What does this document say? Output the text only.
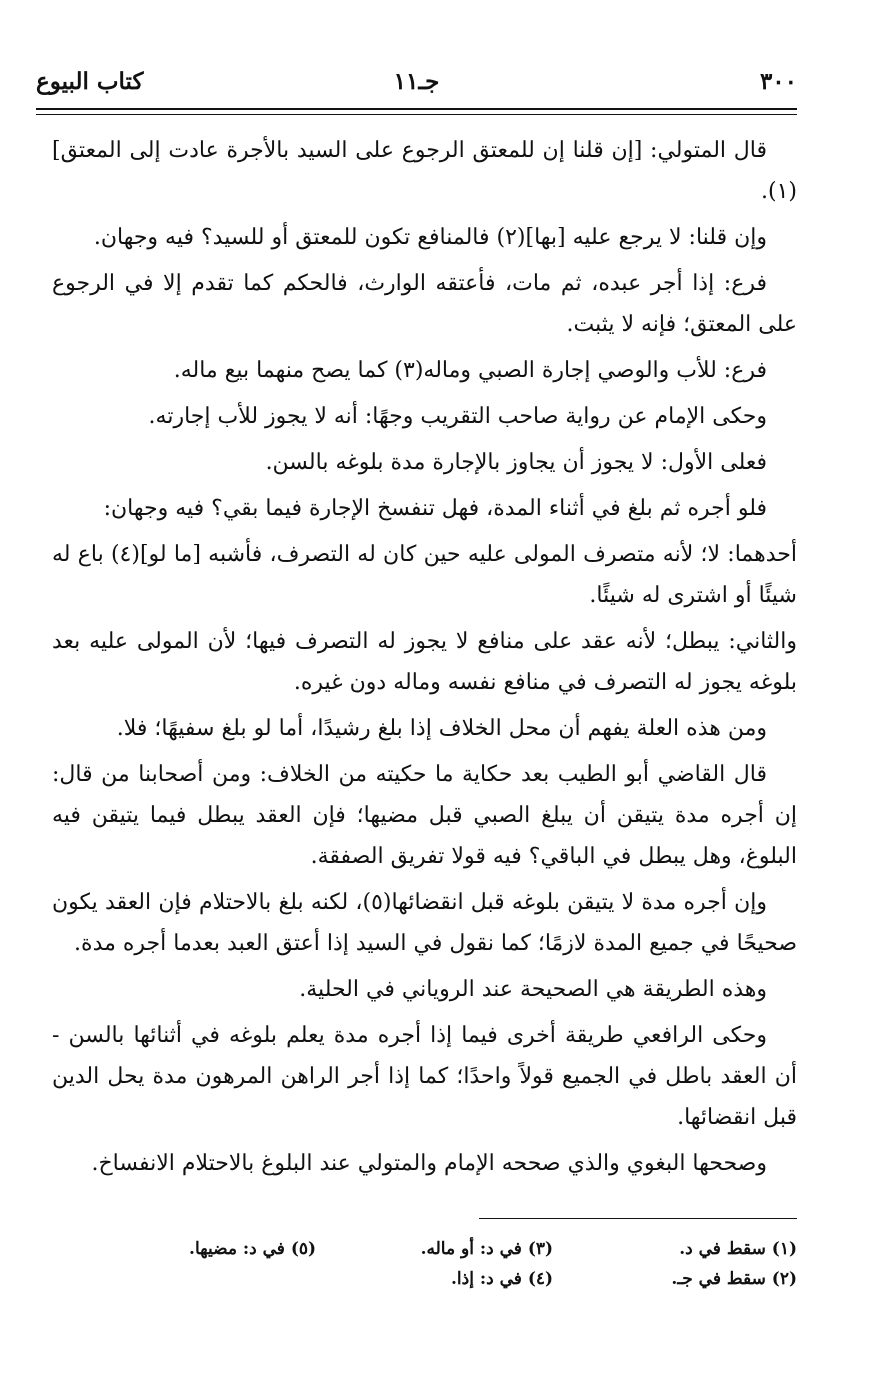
كتاب البيوع	جـ١١	٣٠٠

قال المتولي: [إن قلنا إن للمعتق الرجوع على السيد بالأجرة عادت إلى المعتق](١).

وإن قلنا: لا يرجع عليه [بها](٢) فالمنافع تكون للمعتق أو للسيد؟ فيه وجهان.

فرع: إذا أجر عبده، ثم مات، فأعتقه الوارث، فالحكم كما تقدم إلا في الرجوع على المعتق؛ فإنه لا يثبت.

فرع: للأب والوصي إجارة الصبي وماله(٣) كما يصح منهما بيع ماله.

وحكى الإمام عن رواية صاحب التقريب وجهًا: أنه لا يجوز للأب إجارته.

فعلى الأول: لا يجوز أن يجاوز بالإجارة مدة بلوغه بالسن.

فلو أجره ثم بلغ في أثناء المدة، فهل تنفسخ الإجارة فيما بقي؟ فيه وجهان:

أحدهما: لا؛ لأنه متصرف المولى عليه حين كان له التصرف، فأشبه [ما لو](٤) باع له شيئًا أو اشترى له شيئًا.

والثاني: يبطل؛ لأنه عقد على منافع لا يجوز له التصرف فيها؛ لأن المولى عليه بعد بلوغه يجوز له التصرف في منافع نفسه وماله دون غيره.

ومن هذه العلة يفهم أن محل الخلاف إذا بلغ رشيدًا، أما لو بلغ سفيهًا؛ فلا.

قال القاضي أبو الطيب بعد حكاية ما حكيته من الخلاف: ومن أصحابنا من قال: إن أجره مدة يتيقن أن يبلغ الصبي قبل مضيها؛ فإن العقد يبطل فيما يتيقن فيه البلوغ، وهل يبطل في الباقي؟ فيه قولا تفريق الصفقة.

وإن أجره مدة لا يتيقن بلوغه قبل انقضائها(٥)، لكنه بلغ بالاحتلام فإن العقد يكون صحيحًا في جميع المدة لازمًا؛ كما نقول في السيد إذا أعتق العبد بعدما أجره مدة.

وهذه الطريقة هي الصحيحة عند الروياني في الحلية.

وحكى الرافعي طريقة أخرى فيما إذا أجره مدة يعلم بلوغه في أثنائها بالسن - أن العقد باطل في الجميع قولاً واحدًا؛ كما إذا أجر الراهن المرهون مدة يحل الدين قبل انقضائها.

وصححها البغوي والذي صححه الإمام والمتولي عند البلوغ بالاحتلام الانفساخ.

(١) سقط في د.
(٢) سقط في جـ.
(٣) في د: أو ماله.
(٤) في د: إذا.
(٥) في د: مضيها.
